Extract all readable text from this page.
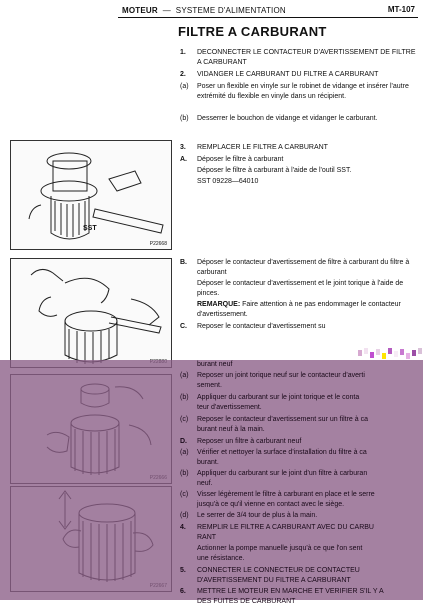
MOTEUR — SYSTEME D'ALIMENTATION	MT-107
FILTRE A CARBURANT
1.	DECONNECTER LE CONTACTEUR D'AVERTISSEMENT DE FILTRE A CARBURANT
2.	VIDANGER LE CARBURANT DU FILTRE A CARBURANT
(a)	Poser un flexible en vinyle sur le robinet de vidange et insérer l'autre extrémité du flexible en vinyle dans un récipient.
(b)	Desserrer le bouchon de vidange et vidanger le carburant.
3.	REMPLACER LE FILTRE A CARBURANT
A.	Déposer le filtre à carburant
Déposer le filtre à carburant à l'aide de l'outil SST.
SST 09228—64010
B.	Déposer le contacteur d'avertissement de filtre à carburant du filtre à carburant
Déposer le contacteur d'avertissement et le joint torique à l'aide de pinces.
REMARQUE: Faire attention à ne pas endommager le contacteur d'avertissement.
C.	Reposer le contacteur d'avertissement su
SST
P22668
burant neuf
(a)	Reposer un joint torique neuf sur le contacteur d'averti
sement.
(b)	Appliquer du carburant sur le joint torique et le conta
teur d'avertissement.
(c)	Reposer le contacteur d'avertissement sur un filtre à ca
burant neuf à la main.
D.	Reposer un filtre à carburant neuf
(a)	Vérifier et nettoyer la surface d'installation du filtre à ca
burant.
(b)	Appliquer du carburant sur le joint d'un filtre à carburan
neuf.
(c)	Visser légèrement le filtre à carburant en place et le serre
jusqu'à ce qu'il vienne en contact avec le siège.
(d)	Le serrer de 3/4 tour de plus à la main.
4.	REMPLIR LE FILTRE A CARBURANT AVEC DU CARBU
RANT
Actionner la pompe manuelle jusqu'à ce que l'on sent
une résistance.
5.	CONNECTER LE CONNECTEUR DE CONTACTEU
D'AVERTISSEMENT DU FILTRE A CARBURANT
6.	METTRE LE MOTEUR EN MARCHE ET VERIFIER S'IL Y A
DES FUITES DE CARBURANT
